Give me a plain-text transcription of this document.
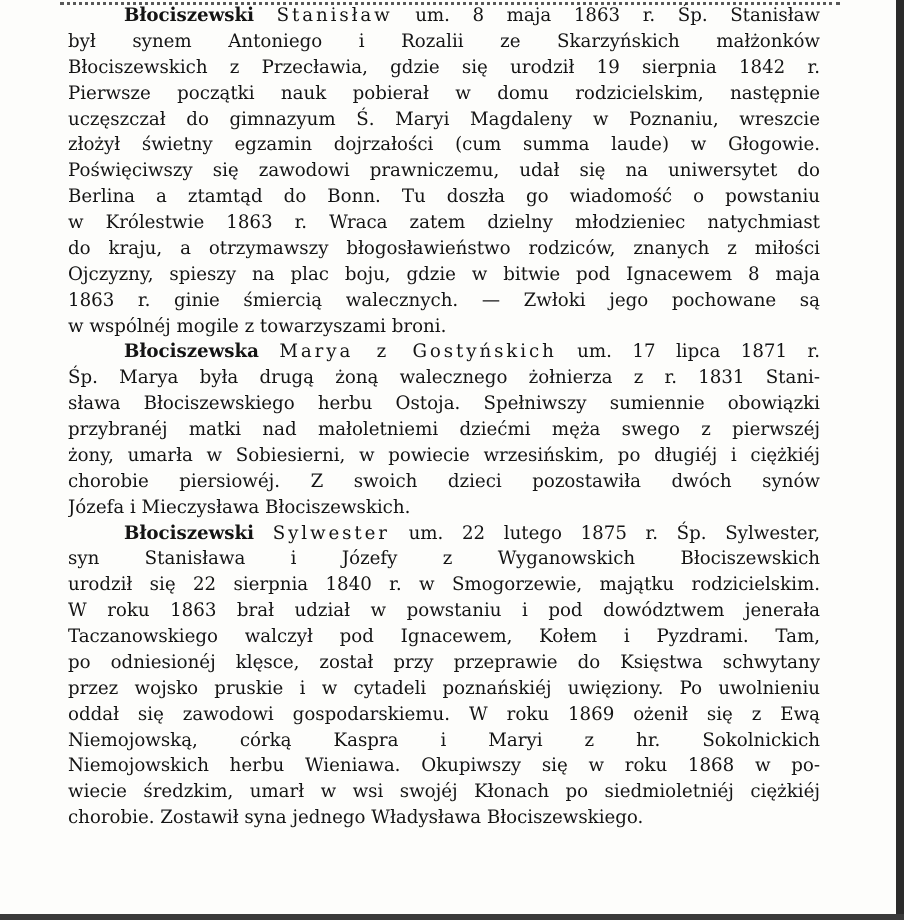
Błociszewski Stanisław um. 8 maja 1863 r. Śp. Stanisław
był synem Antoniego i Rozalii ze Skarzyńskich małżonków
Błociszewskich z Przecławia, gdzie się urodził 19 sierpnia 1842 r.
Pierwsze początki nauk pobierał w domu rodzicielskim, następnie
uczęszczał do gimnazyum Ś. Maryi Magdaleny w Poznaniu, wreszcie
złożył świetny egzamin dojrzałości (cum summa laude) w Głogowie.
Poświęciwszy się zawodowi prawniczemu, udał się na uniwersytet do
Berlina a ztamtąd do Bonn. Tu doszła go wiadomość o powstaniu
w Królestwie 1863 r. Wraca zatem dzielny młodzieniec natychmiast
do kraju, a otrzymawszy błogosławieństwo rodziców, znanych z miłości
Ojczyzny, spieszy na plac boju, gdzie w bitwie pod Ignacewem 8 maja
1863 r. ginie śmiercią walecznych. — Zwłoki jego pochowane są
w wspólnéj mogile z towarzyszami broni.
Błociszewska Marya z Gostyńskich um. 17 lipca 1871 r.
Śp. Marya była drugą żoną walecznego żołnierza z r. 1831 Stani-
sława Błociszewskiego herbu Ostoja. Spełniwszy sumiennie obowiązki
przybranéj matki nad małoletniemi dziećmi męża swego z pierwszéj
żony, umarła w Sobiesierni, w powiecie wrzesińskim, po długiéj i ciężkiéj
chorobie piersiowéj. Z swoich dzieci pozostawiła dwóch synów
Józefa i Mieczysława Błociszewskich.
Błociszewski Sylwester um. 22 lutego 1875 r. Śp. Sylwester,
syn Stanisława i Józefy z Wyganowskich Błociszewskich
urodził się 22 sierpnia 1840 r. w Smogorzewie, majątku rodzicielskim.
W roku 1863 brał udział w powstaniu i pod dowództwem jenerała
Taczanowskiego walczył pod Ignacewem, Kołem i Pyzdrami. Tam,
po odniesionéj klęsce, został przy przeprawie do Księstwa schwytany
przez wojsko pruskie i w cytadeli poznańskiéj uwięziony. Po uwolnieniu
oddał się zawodowi gospodarskiemu. W roku 1869 ożenił się z Ewą
Niemojowską, córką Kaspra i Maryi z hr. Sokolnickich
Niemojowskich herbu Wieniawa. Okupiwszy się w roku 1868 w po-
wiecie średzkim, umarł w wsi swojéj Kłonach po siedmioletniéj ciężkiéj
chorobie. Zostawił syna jednego Władysława Błociszewskiego.
